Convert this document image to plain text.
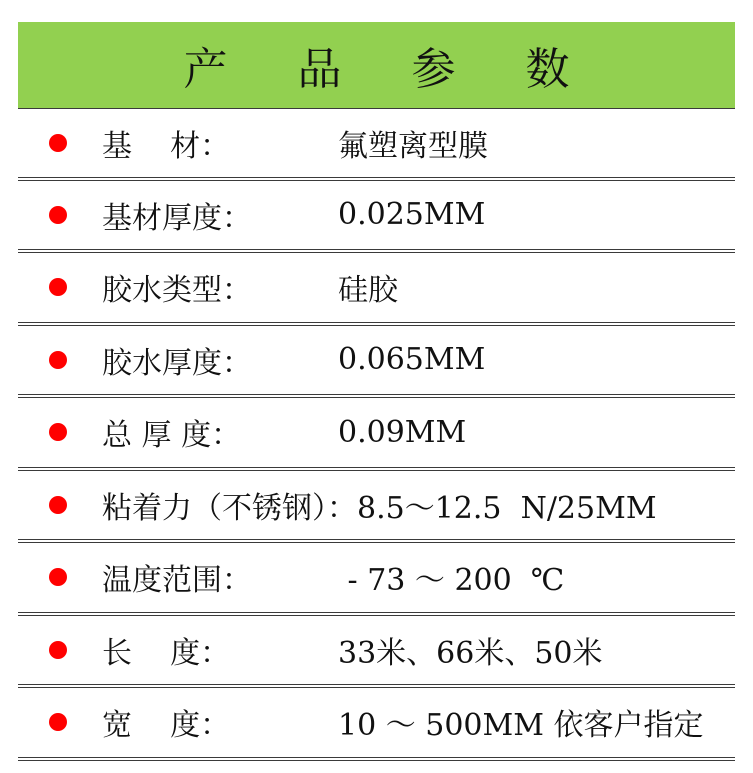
产 品 参 数
基    材：	氟塑离型膜
基材厚度：	0.025MM
胶水类型：	硅胶
胶水厚度：	0.065MM
总 厚 度：	0.09MM
粘着力（不锈钢）：8.5～12.5  N/25MM
温度范围：	- 73 ～ 200  ℃
长    度：	33米、66米、50米
宽    度：	10 ～ 500MM 依客户指定
